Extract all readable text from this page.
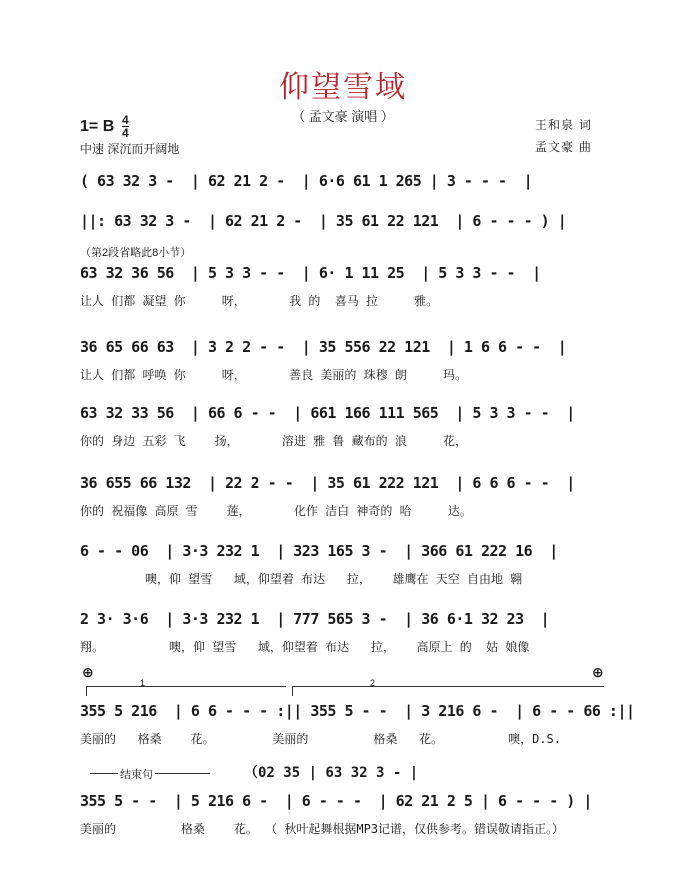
仰望雪域
（ 孟文豪 演唱 ）
1= B $\frac{4}{4}$
中速 深沉而开阔地
王和泉 词
孟文豪 曲
( 63 32 3 -  | 62 21 2 -  | 6·6 61 1 265 | 3 - - -  |
||: 63 32 3 -  | 62 21 2 -  | 35 61 22 121  | 6 - - - ) |
（第2段省略此8小节）
63 32 36 56  | 5 3 3 - -  | 6· 1 11 25  | 5 3 3 - -  |
让人 们都 凝望 你     呀，      我 的  喜马 拉     雅。
36 65 66 63  | 3 2 2 - -  | 35 556 22 121  | 1 6 6 - -  |
让人 们都 呼唤 你     呀，      善良 美丽的 珠穆 朗     玛。
63 32 33 56  | 66 6 - -  | 661 166 111 565  | 5 3 3 - -  |
你的 身边 五彩 飞    扬，      溶进 雅 鲁 藏布的 浪     花，
36 655 66 132  | 22 2 - -  | 35 61 222 121  | 6 6 6 - -  |
你的 祝福像 高原 雪    莲，      化作 洁白 神奇的 哈     达。
6 - - 06  | 3·3 232 1  | 323 165 3 -  | 366 61 222 16  |
噢，仰 望雪   域，仰望着 布达   拉，   雄鹰在 天空 自由地 翱
2 3· 3·6  | 3·3 232 1  | 777 565 3 -  | 36 6·1 32 23  |
翔。         噢，仰 望雪   域，仰望着 布达   拉，   高原上 的  姑 娘像
⊕	⊕
1	2
355 5 216  | 6 6 - - - :|| 355 5 - -  | 3 216 6 -  | 6 - - 66 :||
美丽的   格桑    花。        美丽的         格桑   花。         噢，D.S.
结束句	（02 35 | 63 32 3 - |
355 5 - -  | 5 216 6 -  | 6 - - -  | 62 21 2 5 | 6 - - - ) |
美丽的         格桑    花。 （ 秋叶起舞根据MP3记谱，仅供参考。错误敬请指正。）
